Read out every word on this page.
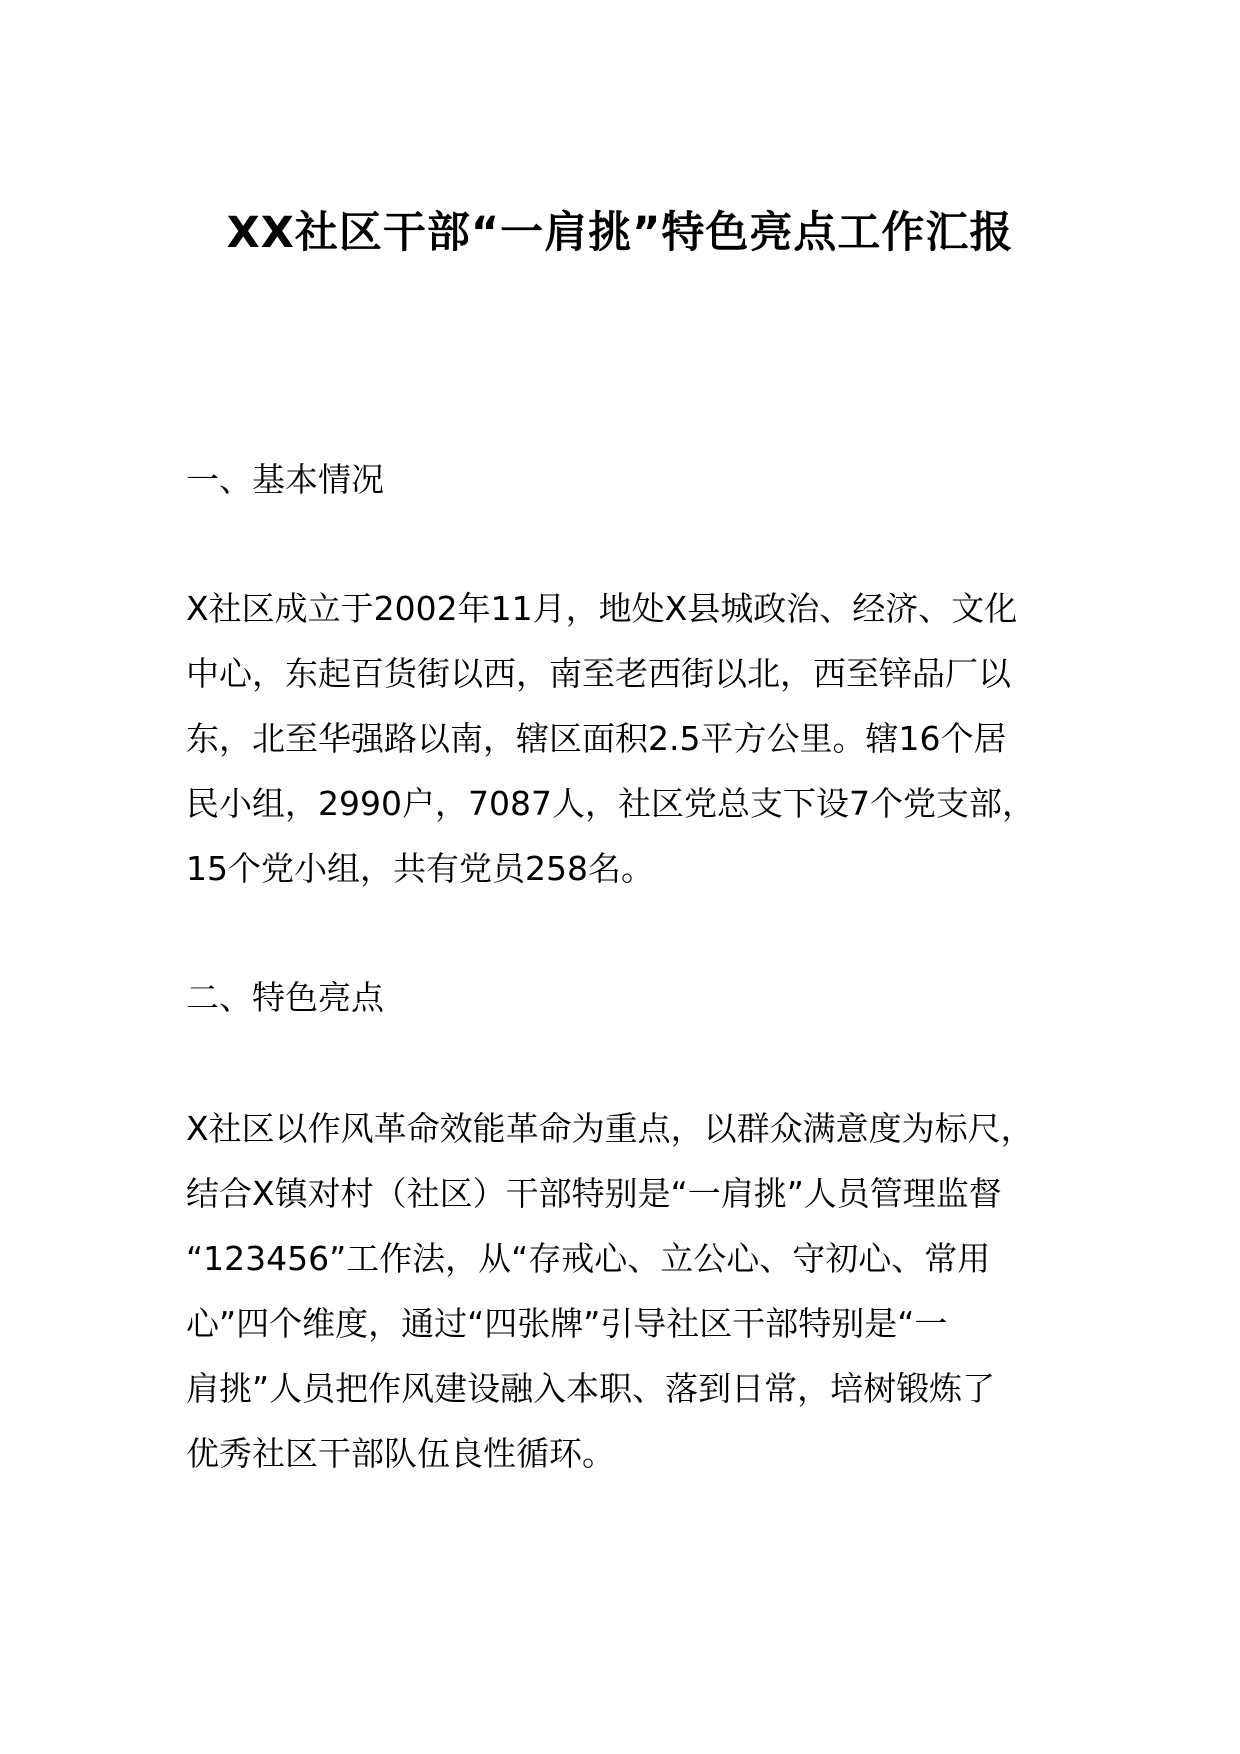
XX社区干部“一肩挑”特色亮点工作汇报
一、基本情况
X社区成立于2002年11月，地处X县城政治、经济、文化
中心，东起百货街以西，南至老西街以北，西至锌品厂以
东，北至华强路以南，辖区面积2.5平方公里。辖16个居
民小组，2990户，7087人，社区党总支下设7个党支部，
15个党小组，共有党员258名。
二、特色亮点
X社区以作风革命效能革命为重点，以群众满意度为标尺，
结合X镇对村（社区）干部特别是“一肩挑”人员管理监督
“123456”工作法，从“存戒心、立公心、守初心、常用
心”四个维度，通过“四张牌”引导社区干部特别是“一
肩挑”人员把作风建设融入本职、落到日常，培树锻炼了
优秀社区干部队伍良性循环。
